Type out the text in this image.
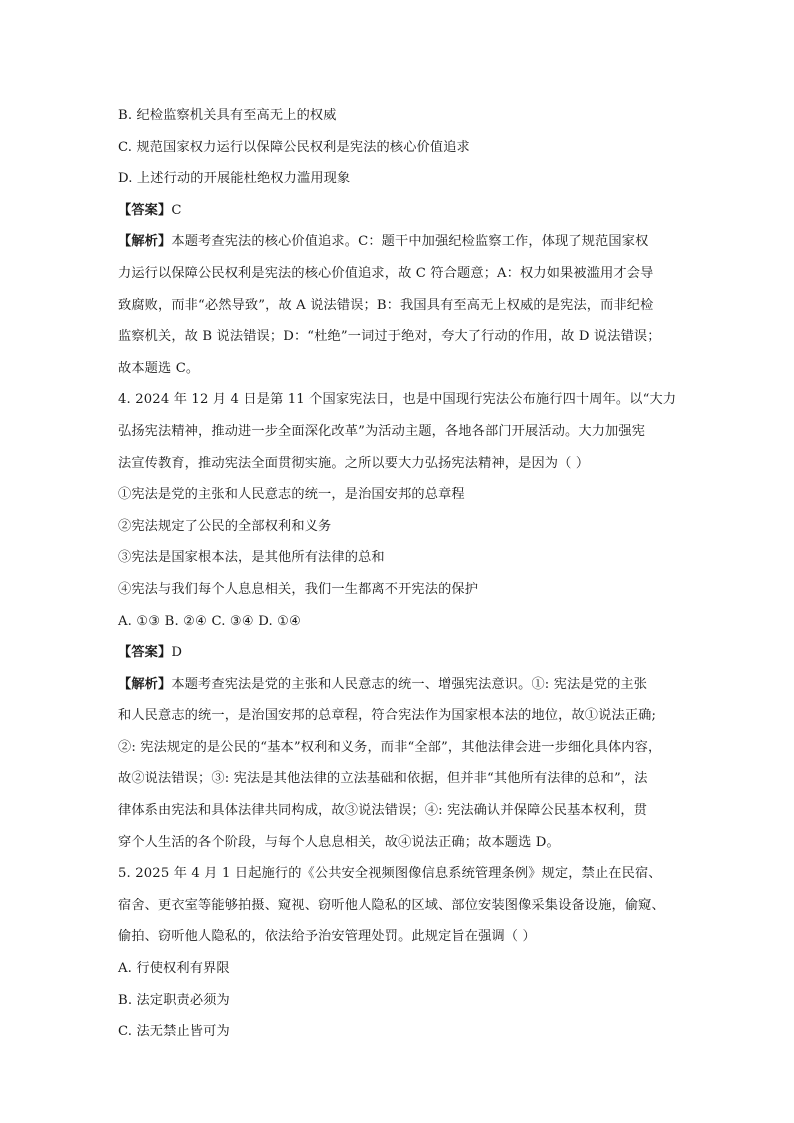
B. 纪检监察机关具有至高无上的权威
C. 规范国家权力运行以保障公民权利是宪法的核心价值追求
D. 上述行动的开展能杜绝权力滥用现象
【答案】C
【解析】本题考查宪法的核心价值追求。C：题干中加强纪检监察工作，体现了规范国家权
力运行以保障公民权利是宪法的核心价值追求，故 C 符合题意；A：权力如果被滥用才会导
致腐败，而非“必然导致”，故 A 说法错误；B：我国具有至高无上权威的是宪法，而非纪检
监察机关，故 B 说法错误；D：“杜绝”一词过于绝对，夸大了行动的作用，故 D 说法错误；
故本题选 C。
4. 2024 年 12 月 4 日是第 11 个国家宪法日，也是中国现行宪法公布施行四十周年。以“大力
弘扬宪法精神，推动进一步全面深化改革”为活动主题，各地各部门开展活动。大力加强宪
法宣传教育，推动宪法全面贯彻实施。之所以要大力弘扬宪法精神，是因为（ ）
①宪法是党的主张和人民意志的统一，是治国安邦的总章程
②宪法规定了公民的全部权利和义务
③宪法是国家根本法，是其他所有法律的总和
④宪法与我们每个人息息相关，我们一生都离不开宪法的保护
A. ①③ B. ②④ C. ③④ D. ①④
【答案】D
【解析】本题考查宪法是党的主张和人民意志的统一、增强宪法意识。①: 宪法是党的主张
和人民意志的统一，是治国安邦的总章程，符合宪法作为国家根本法的地位，故①说法正确;
②: 宪法规定的是公民的“基本”权利和义务，而非“全部”，其他法律会进一步细化具体内容，
故②说法错误；③: 宪法是其他法律的立法基础和依据，但并非“其他所有法律的总和”，法
律体系由宪法和具体法律共同构成，故③说法错误；④: 宪法确认并保障公民基本权利，贯
穿个人生活的各个阶段，与每个人息息相关，故④说法正确；故本题选 D。
5. 2025 年 4 月 1 日起施行的《公共安全视频图像信息系统管理条例》规定，禁止在民宿、
宿舍、更衣室等能够拍摄、窥视、窃听他人隐私的区域、部位安装图像采集设备设施，偷窥、
偷拍、窃听他人隐私的，依法给予治安管理处罚。此规定旨在强调（ ）
A. 行使权利有界限
B. 法定职责必须为
C. 法无禁止皆可为
